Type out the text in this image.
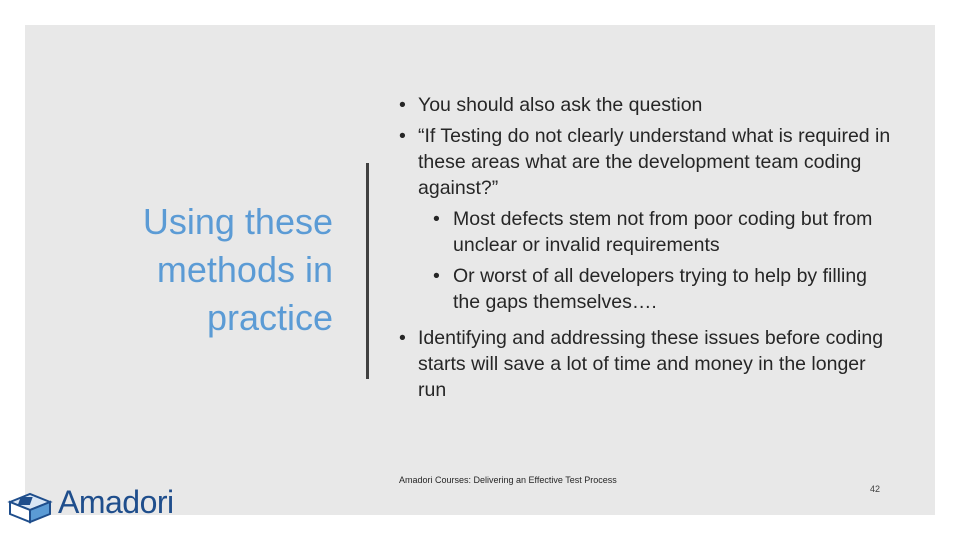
Using these
methods in
practice

• You should also ask the question

• “If Testing do not clearly understand what is required in these areas what are the development team coding against?”

• Most defects stem not from poor coding but from unclear or invalid requirements

• Or worst of all developers trying to help by filling the gaps themselves….

• Identifying and addressing these issues before coding starts will save a lot of time and money in the longer run

Amadori Courses: Delivering an Effective Test Process
42
Amadori
